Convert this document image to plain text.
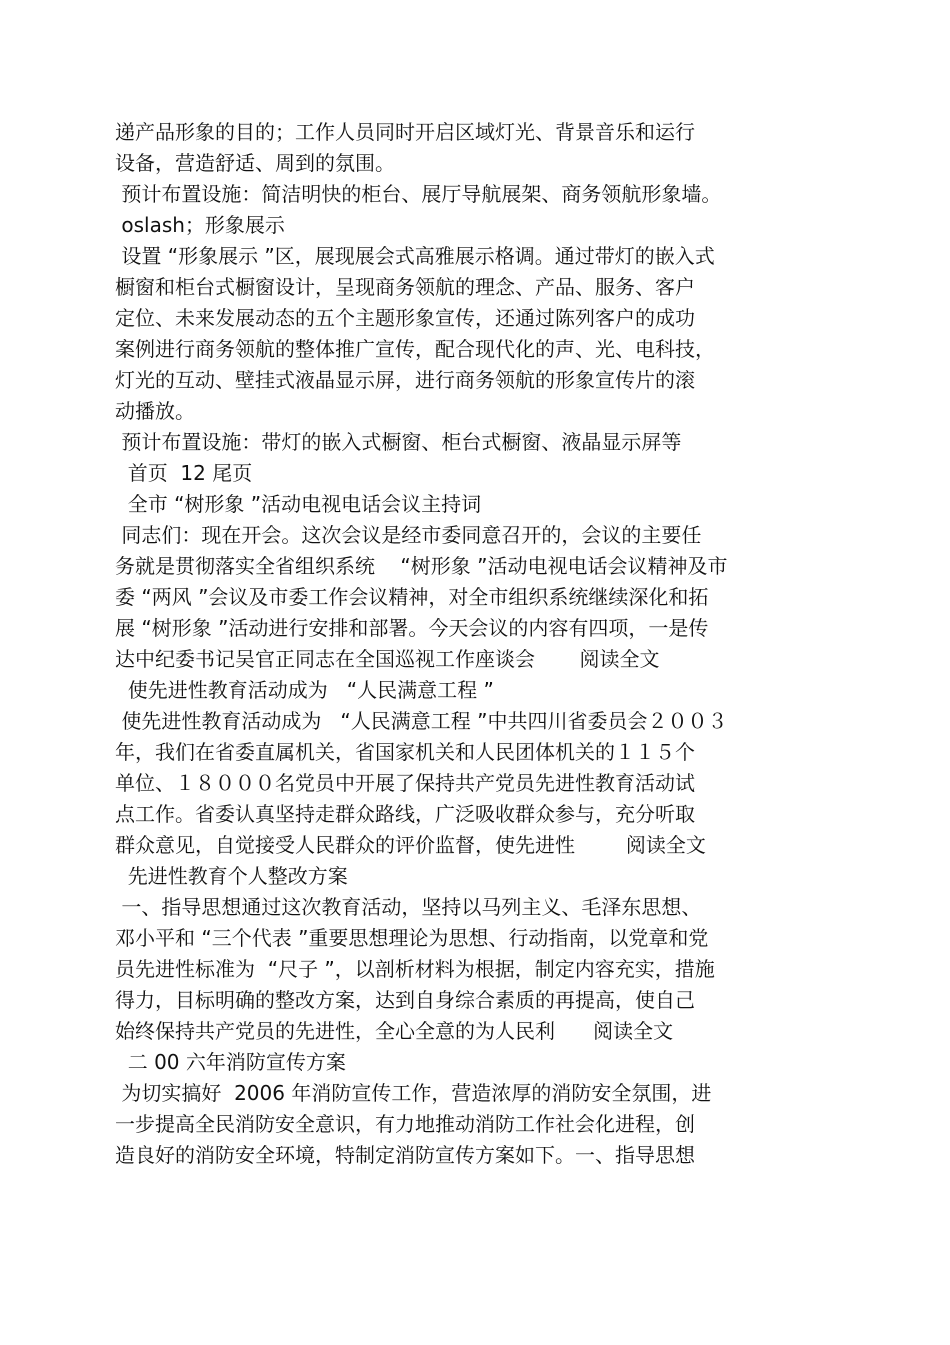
递产品形象的目的；工作人员同时开启区域灯光、背景音乐和运行
设备，营造舒适、周到的氛围。
预计布置设施：简洁明快的柜台、展厅导航展架、商务领航形象墙。
oslash；形象展示
设置 “形象展示 ”区，展现展会式高雅展示格调。通过带灯的嵌入式
橱窗和柜台式橱窗设计，呈现商务领航的理念、产品、服务、客户
定位、未来发展动态的五个主题形象宣传，还通过陈列客户的成功
案例进行商务领航的整体推广宣传，配合现代化的声、光、电科技，
灯光的互动、壁挂式液晶显示屏，进行商务领航的形象宣传片的滚
动播放。
预计布置设施：带灯的嵌入式橱窗、柜台式橱窗、液晶显示屏等
首页  12 尾页
全市 “树形象 ”活动电视电话会议主持词
同志们：现在开会。这次会议是经市委同意召开的，会议的主要任
务就是贯彻落实全省组织系统    “树形象 ”活动电视电话会议精神及市
委 “两风 ”会议及市委工作会议精神，对全市组织系统继续深化和拓
展 “树形象 ”活动进行安排和部署。今天会议的内容有四项，一是传
达中纪委书记吴官正同志在全国巡视工作座谈会       阅读全文
使先进性教育活动成为   “人民满意工程 ”
使先进性教育活动成为   “人民满意工程 ”中共四川省委员会２００３
年，我们在省委直属机关，省国家机关和人民团体机关的１１５个
单位、１８０００名党员中开展了保持共产党员先进性教育活动试
点工作。省委认真坚持走群众路线，广泛吸收群众参与，充分听取
群众意见，自觉接受人民群众的评价监督，使先进性        阅读全文
先进性教育个人整改方案
一、指导思想通过这次教育活动，坚持以马列主义、毛泽东思想、
邓小平和 “三个代表 ”重要思想理论为思想、行动指南，以党章和党
员先进性标准为  “尺子 ”，以剖析材料为根据，制定内容充实，措施
得力，目标明确的整改方案，达到自身综合素质的再提高，使自己
始终保持共产党员的先进性，全心全意的为人民利      阅读全文
二 00 六年消防宣传方案
为切实搞好  2006 年消防宣传工作，营造浓厚的消防安全氛围，进
一步提高全民消防安全意识，有力地推动消防工作社会化进程，创
造良好的消防安全环境，特制定消防宣传方案如下。一、指导思想
